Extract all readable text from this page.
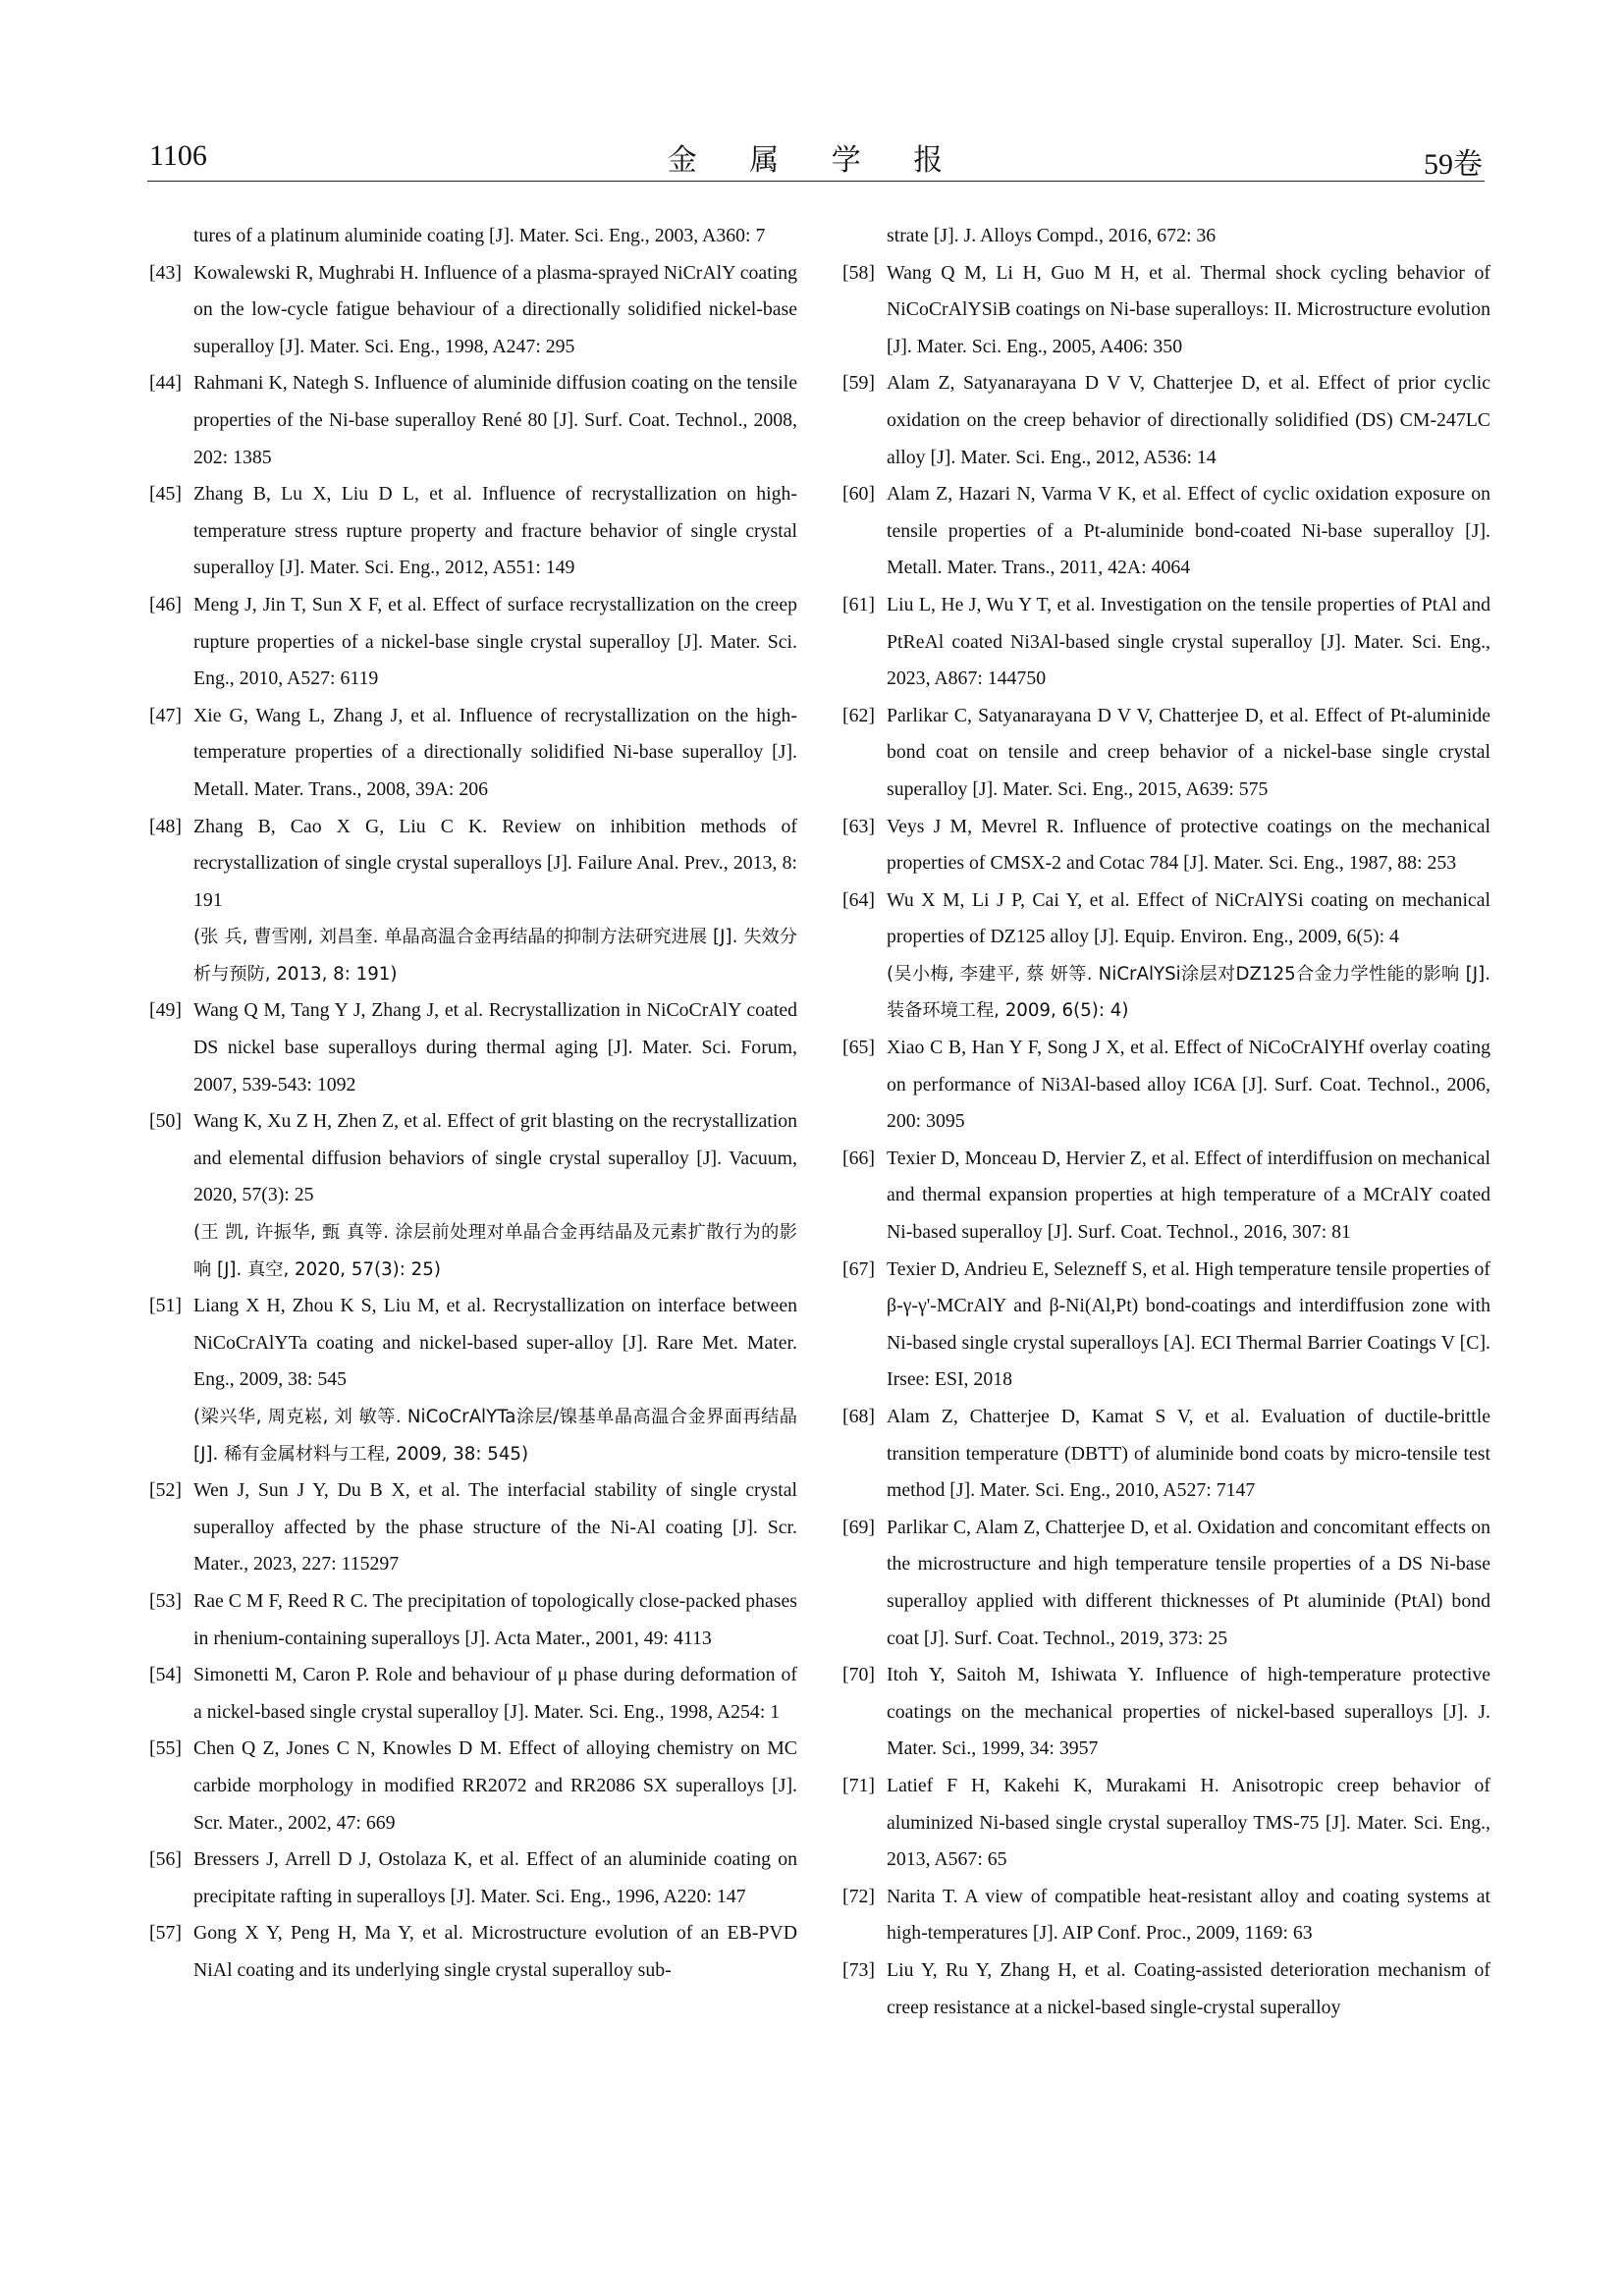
1106	金 属 学 报	59卷
tures of a platinum aluminide coating [J]. Mater. Sci. Eng., 2003, A360: 7
[43] Kowalewski R, Mughrabi H. Influence of a plasma-sprayed NiCrAlY coating on the low-cycle fatigue behaviour of a directionally solidified nickel-base superalloy [J]. Mater. Sci. Eng., 1998, A247: 295
[44] Rahmani K, Nategh S. Influence of aluminide diffusion coating on the tensile properties of the Ni-base superalloy René 80 [J]. Surf. Coat. Technol., 2008, 202: 1385
[45] Zhang B, Lu X, Liu D L, et al. Influence of recrystallization on high-temperature stress rupture property and fracture behavior of single crystal superalloy [J]. Mater. Sci. Eng., 2012, A551: 149
[46] Meng J, Jin T, Sun X F, et al. Effect of surface recrystallization on the creep rupture properties of a nickel-base single crystal superalloy [J]. Mater. Sci. Eng., 2010, A527: 6119
[47] Xie G, Wang L, Zhang J, et al. Influence of recrystallization on the high-temperature properties of a directionally solidified Ni-base superalloy [J]. Metall. Mater. Trans., 2008, 39A: 206
[48] Zhang B, Cao X G, Liu C K. Review on inhibition methods of recrystallization of single crystal superalloys [J]. Failure Anal. Prev., 2013, 8: 191
(张 兵, 曹雪刚, 刘昌奎. 单晶高温合金再结晶的抑制方法研究进展 [J]. 失效分析与预防, 2013, 8: 191)
[49] Wang Q M, Tang Y J, Zhang J, et al. Recrystallization in NiCoCrAlY coated DS nickel base superalloys during thermal aging [J]. Mater. Sci. Forum, 2007, 539-543: 1092
[50] Wang K, Xu Z H, Zhen Z, et al. Effect of grit blasting on the recrystallization and elemental diffusion behaviors of single crystal superalloy [J]. Vacuum, 2020, 57(3): 25
(王 凯, 许振华, 甄 真等. 涂层前处理对单晶合金再结晶及元素扩散行为的影响 [J]. 真空, 2020, 57(3): 25)
[51] Liang X H, Zhou K S, Liu M, et al. Recrystallization on interface between NiCoCrAlYTa coating and nickel-based super-alloy [J]. Rare Met. Mater. Eng., 2009, 38: 545
(梁兴华, 周克崧, 刘 敏等. NiCoCrAlYTa涂层/镍基单晶高温合金界面再结晶 [J]. 稀有金属材料与工程, 2009, 38: 545)
[52] Wen J, Sun J Y, Du B X, et al. The interfacial stability of single crystal superalloy affected by the phase structure of the Ni-Al coating [J]. Scr. Mater., 2023, 227: 115297
[53] Rae C M F, Reed R C. The precipitation of topologically close-packed phases in rhenium-containing superalloys [J]. Acta Mater., 2001, 49: 4113
[54] Simonetti M, Caron P. Role and behaviour of μ phase during deformation of a nickel-based single crystal superalloy [J]. Mater. Sci. Eng., 1998, A254: 1
[55] Chen Q Z, Jones C N, Knowles D M. Effect of alloying chemistry on MC carbide morphology in modified RR2072 and RR2086 SX superalloys [J]. Scr. Mater., 2002, 47: 669
[56] Bressers J, Arrell D J, Ostolaza K, et al. Effect of an aluminide coating on precipitate rafting in superalloys [J]. Mater. Sci. Eng., 1996, A220: 147
[57] Gong X Y, Peng H, Ma Y, et al. Microstructure evolution of an EB-PVD NiAl coating and its underlying single crystal superalloy sub-
strate [J]. J. Alloys Compd., 2016, 672: 36
[58] Wang Q M, Li H, Guo M H, et al. Thermal shock cycling behavior of NiCoCrAlYSiB coatings on Ni-base superalloys: II. Microstructure evolution [J]. Mater. Sci. Eng., 2005, A406: 350
[59] Alam Z, Satyanarayana D V V, Chatterjee D, et al. Effect of prior cyclic oxidation on the creep behavior of directionally solidified (DS) CM-247LC alloy [J]. Mater. Sci. Eng., 2012, A536: 14
[60] Alam Z, Hazari N, Varma V K, et al. Effect of cyclic oxidation exposure on tensile properties of a Pt-aluminide bond-coated Ni-base superalloy [J]. Metall. Mater. Trans., 2011, 42A: 4064
[61] Liu L, He J, Wu Y T, et al. Investigation on the tensile properties of PtAl and PtReAl coated Ni3Al-based single crystal superalloy [J]. Mater. Sci. Eng., 2023, A867: 144750
[62] Parlikar C, Satyanarayana D V V, Chatterjee D, et al. Effect of Pt-aluminide bond coat on tensile and creep behavior of a nickel-base single crystal superalloy [J]. Mater. Sci. Eng., 2015, A639: 575
[63] Veys J M, Mevrel R. Influence of protective coatings on the mechanical properties of CMSX-2 and Cotac 784 [J]. Mater. Sci. Eng., 1987, 88: 253
[64] Wu X M, Li J P, Cai Y, et al. Effect of NiCrAlYSi coating on mechanical properties of DZ125 alloy [J]. Equip. Environ. Eng., 2009, 6(5): 4
(吴小梅, 李建平, 蔡 妍等. NiCrAlYSi涂层对DZ125合金力学性能的影响 [J]. 装备环境工程, 2009, 6(5): 4)
[65] Xiao C B, Han Y F, Song J X, et al. Effect of NiCoCrAlYHf overlay coating on performance of Ni3Al-based alloy IC6A [J]. Surf. Coat. Technol., 2006, 200: 3095
[66] Texier D, Monceau D, Hervier Z, et al. Effect of interdiffusion on mechanical and thermal expansion properties at high temperature of a MCrAlY coated Ni-based superalloy [J]. Surf. Coat. Technol., 2016, 307: 81
[67] Texier D, Andrieu E, Selezneff S, et al. High temperature tensile properties of β-γ-γ'-MCrAlY and β-Ni(Al,Pt) bond-coatings and interdiffusion zone with Ni-based single crystal superalloys [A]. ECI Thermal Barrier Coatings V [C]. Irsee: ESI, 2018
[68] Alam Z, Chatterjee D, Kamat S V, et al. Evaluation of ductile-brittle transition temperature (DBTT) of aluminide bond coats by micro-tensile test method [J]. Mater. Sci. Eng., 2010, A527: 7147
[69] Parlikar C, Alam Z, Chatterjee D, et al. Oxidation and concomitant effects on the microstructure and high temperature tensile properties of a DS Ni-base superalloy applied with different thicknesses of Pt aluminide (PtAl) bond coat [J]. Surf. Coat. Technol., 2019, 373: 25
[70] Itoh Y, Saitoh M, Ishiwata Y. Influence of high-temperature protective coatings on the mechanical properties of nickel-based superalloys [J]. J. Mater. Sci., 1999, 34: 3957
[71] Latief F H, Kakehi K, Murakami H. Anisotropic creep behavior of aluminized Ni-based single crystal superalloy TMS-75 [J]. Mater. Sci. Eng., 2013, A567: 65
[72] Narita T. A view of compatible heat-resistant alloy and coating systems at high-temperatures [J]. AIP Conf. Proc., 2009, 1169: 63
[73] Liu Y, Ru Y, Zhang H, et al. Coating-assisted deterioration mechanism of creep resistance at a nickel-based single-crystal superalloy
